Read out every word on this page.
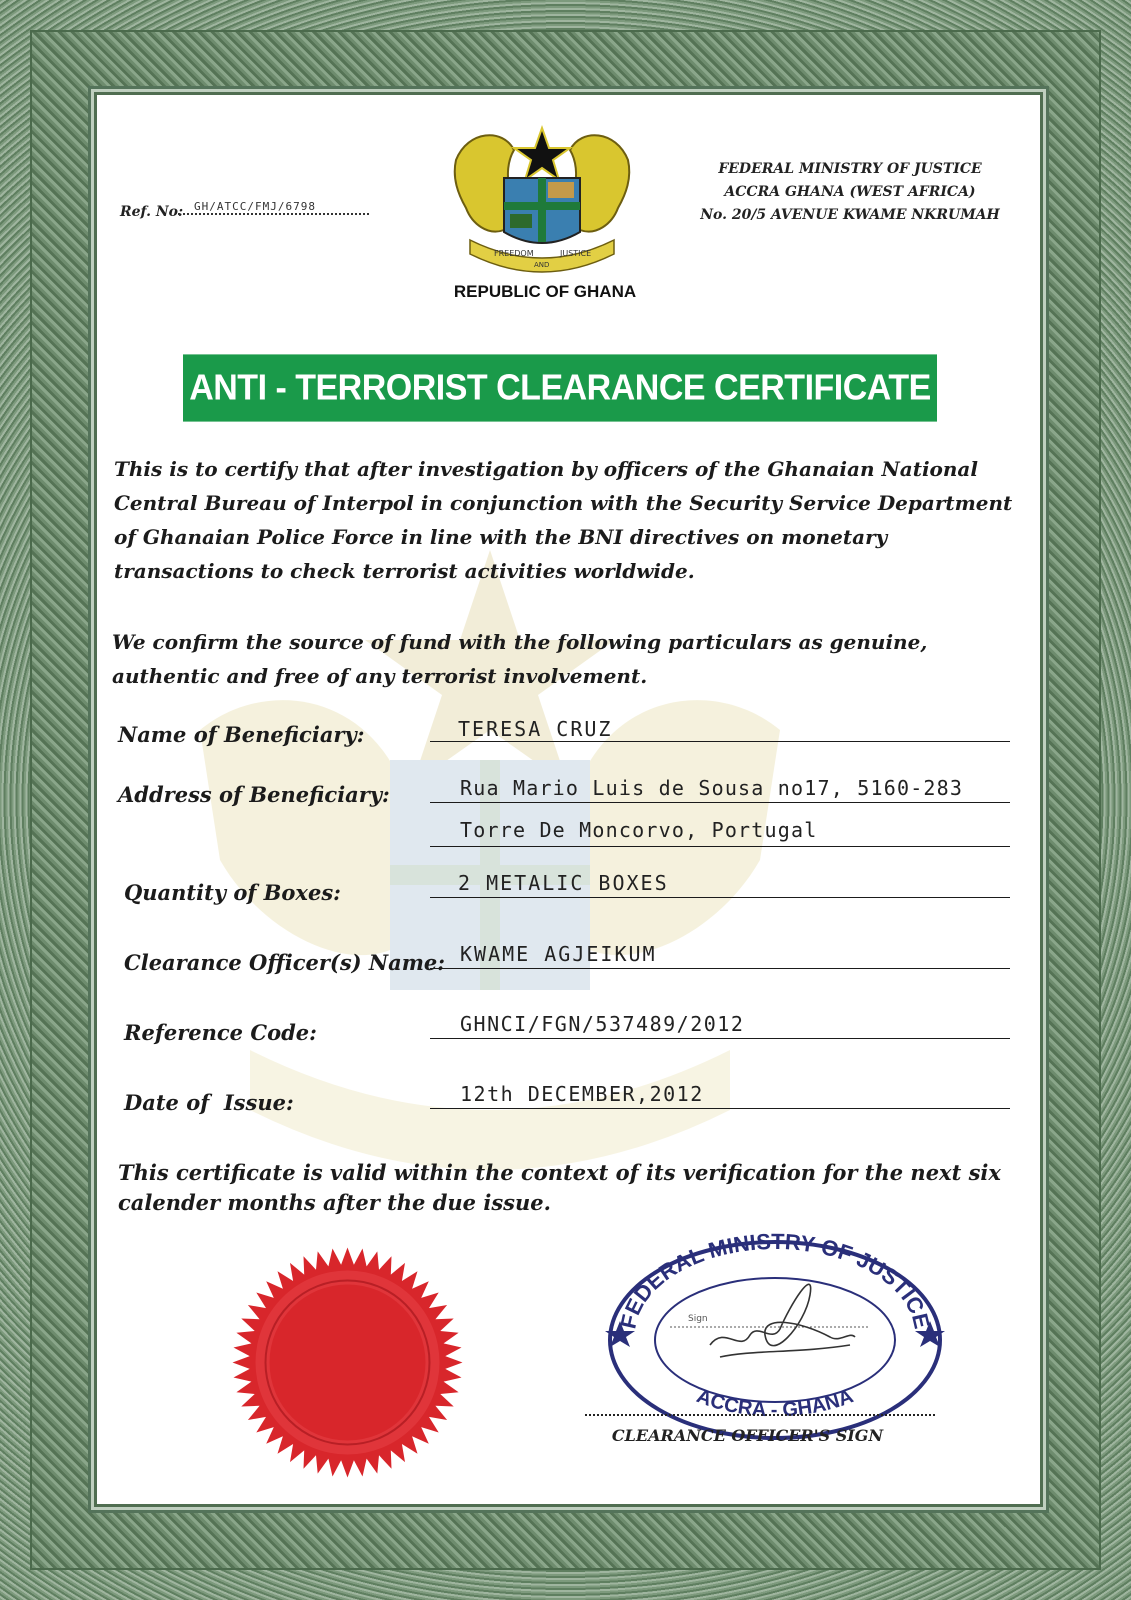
Ref. No: GH/ATCC/FMJ/6798
FEDERAL MINISTRY OF JUSTICE
ACCRA GHANA (WEST AFRICA)
No. 20/5 AVENUE KWAME NKRUMAH
FREEDOM
AND
JUSTICE
REPUBLIC OF GHANA
ANTI - TERRORIST CLEARANCE CERTIFICATE
This is to certify that after investigation by officers of the Ghanaian National Central Bureau of Interpol in conjunction with the Security Service Department of Ghanaian Police Force in line with the BNI directives on monetary transactions to check terrorist activities worldwide.
We confirm the source of fund with the following particulars as genuine, authentic and free of any terrorist involvement.
Name of Beneficiary:	TERESA CRUZ
Address of Beneficiary:	Rua Mario Luis de Sousa no17, 5160-283
Torre De Moncorvo, Portugal
Quantity of Boxes:	2 METALIC BOXES
Clearance Officer(s) Name: KWAME AGJEIKUM
Reference Code:	GHNCI/FGN/537489/2012
Date of  Issue:	12th DECEMBER,2012
This certificate is valid within the context of its verification for the next six calender months after the due issue.
FEDERAL MINISTRY OF JUSTICE
ACCRA - GHANA
Sign
CLEARANCE OFFICER'S SIGN
